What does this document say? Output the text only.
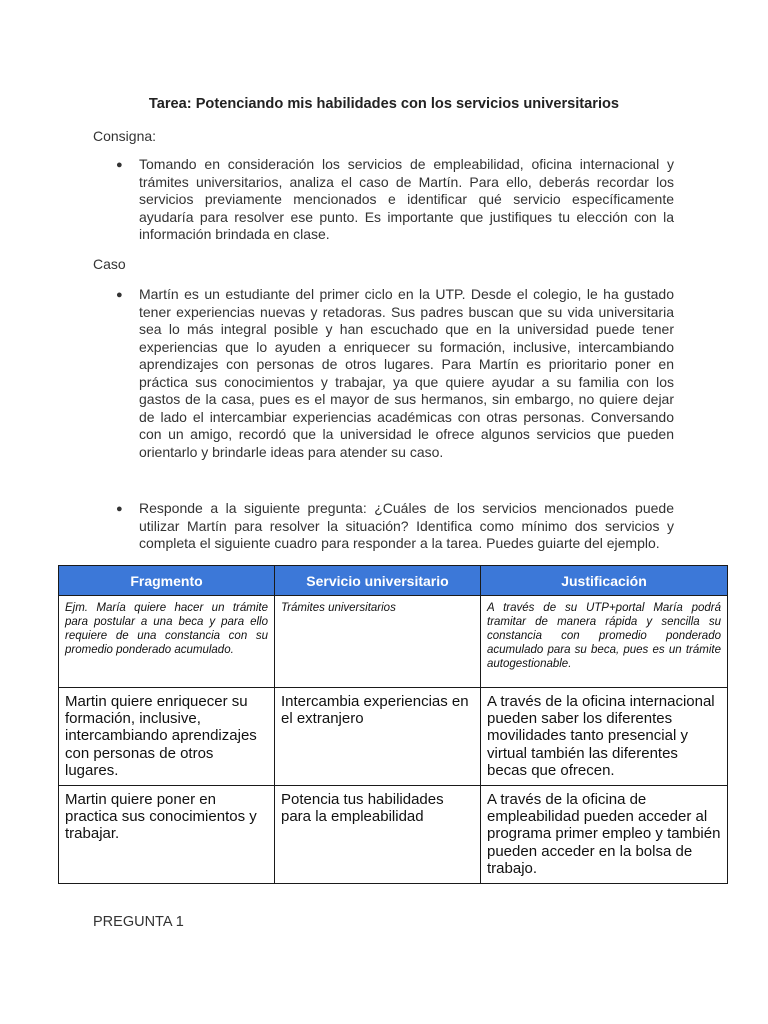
Tarea: Potenciando mis habilidades con los servicios universitarios
Consigna:
●	Tomando en consideración los servicios de empleabilidad, oficina internacional y trámites universitarios, analiza el caso de Martín. Para ello, deberás recordar los servicios previamente mencionados e identificar qué servicio específicamente ayudaría para resolver ese punto. Es importante que justifiques tu elección con la información brindada en clase.
Caso
●	Martín es un estudiante del primer ciclo en la UTP. Desde el colegio, le ha gustado tener experiencias nuevas y retadoras. Sus padres buscan que su vida universitaria sea lo más integral posible y han escuchado que en la universidad puede tener experiencias que lo ayuden a enriquecer su formación, inclusive, intercambiando aprendizajes con personas de otros lugares. Para Martín es prioritario poner en práctica sus conocimientos y trabajar, ya que quiere ayudar a su familia con los gastos de la casa, pues es el mayor de sus hermanos, sin embargo, no quiere dejar de lado el intercambiar experiencias académicas con otras personas. Conversando con un amigo, recordó que la universidad le ofrece algunos servicios que pueden orientarlo y brindarle ideas para atender su caso.
●	Responde a la siguiente pregunta: ¿Cuáles de los servicios mencionados puede utilizar Martín para resolver la situación? Identifica como mínimo dos servicios y completa el siguiente cuadro para responder a la tarea. Puedes guiarte del ejemplo.
Fragmento	Servicio universitario	Justificación
Ejm. María quiere hacer un trámite para postular a una beca y para ello requiere de una constancia con su promedio ponderado acumulado.	Trámites universitarios	A través de su UTP+portal María podrá tramitar de manera rápida y sencilla su constancia con promedio ponderado acumulado para su beca, pues es un trámite autogestionable.
Martin quiere enriquecer su formación, inclusive, intercambiando aprendizajes con personas de otros lugares.	Intercambia experiencias en el extranjero	A través de la oficina internacional pueden saber los diferentes movilidades tanto presencial y virtual también las diferentes becas que ofrecen.
Martin quiere poner en practica sus conocimientos y trabajar.	Potencia tus habilidades para la empleabilidad	A través de la oficina de empleabilidad pueden acceder al programa primer empleo y también pueden acceder en la bolsa de trabajo.
PREGUNTA 1
